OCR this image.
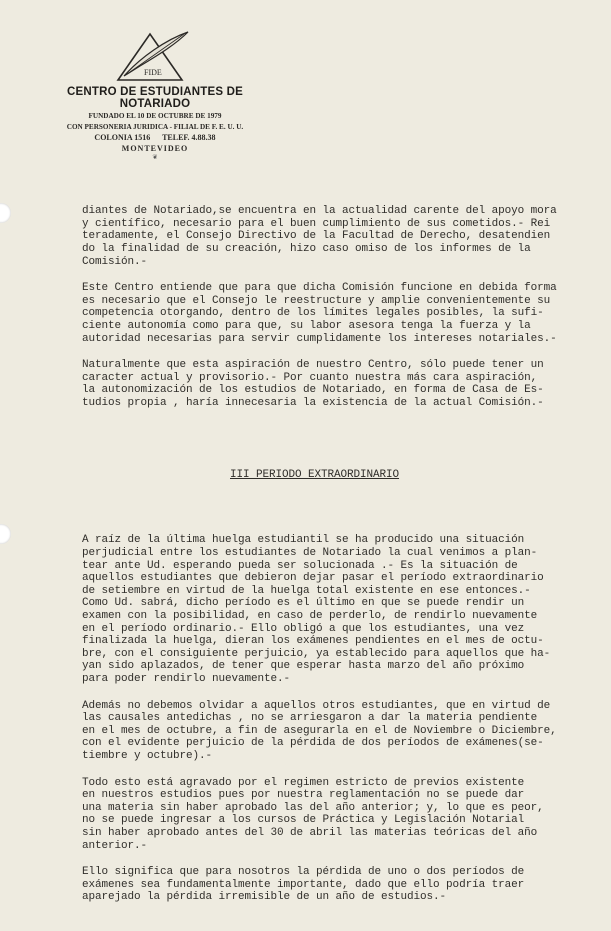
FIDE
CENTRO DE ESTUDIANTES DE NOTARIADO
FUNDADO EL 10 DE OCTUBRE DE 1979
CON PERSONERIA JURIDICA - FILIAL DE F. E. U. U.
COLONIA 1516      TELEF. 4.88.38
MONTEVIDEO
❦

diantes de Notariado,se encuentra en la actualidad carente del apoyo mora
y científico, necesario para el buen cumplimiento de sus cometidos.- Rei
teradamente, el Consejo Directivo de la Facultad de Derecho, desatendien
do la finalidad de su creación, hizo caso omiso de los informes de la
Comisión.-
Este Centro entiende que para que dicha Comisión funcione en debida forma
es necesario que el Consejo le reestructure y amplie convenientemente su
competencia otorgando, dentro de los límites legales posibles, la sufi-
ciente autonomía como para que, su labor asesora tenga la fuerza y la
autoridad necesarias para servir cumplidamente los intereses notariales.-
Naturalmente que esta aspiración de nuestro Centro, sólo puede tener un
caracter actual y provisorio.- Por cuanto nuestra más cara aspiración,
la autonomización de los estudios de Notariado, en forma de Casa de Es-
tudios propia , haría innecesaria la existencia de la actual Comisión.-

III PERIODO EXTRAORDINARIO

A raíz de la última huelga estudiantil se ha producido una situación
perjudicial entre los estudiantes de Notariado la cual venimos a plan-
tear ante Ud. esperando pueda ser solucionada .- Es la situación de
aquellos estudiantes que debieron dejar pasar el período extraordinario
de setiembre en virtud de la huelga total existente en ese entonces.-
Como Ud. sabrá, dicho período es el último en que se puede rendir un
examen con la posibilidad, en caso de perderlo, de rendirlo nuevamente
en el período ordinario.- Ello obligó a que los estudiantes, una vez
finalizada la huelga, dieran los exámenes pendientes en el mes de octu-
bre, con el consiguiente perjuicio, ya establecido para aquellos que ha-
yan sido aplazados, de tener que esperar hasta marzo del año próximo
para poder rendirlo nuevamente.-
Además no debemos olvidar a aquellos otros estudiantes, que en virtud de
las causales antedichas , no se arriesgaron a dar la materia pendiente
en el mes de octubre, a fin de asegurarla en el de Noviembre o Diciembre,
con el evidente perjuicio de la pérdida de dos períodos de exámenes(se-
tiembre y octubre).-
Todo esto está agravado por el regimen estricto de previos existente
en nuestros estudios pues por nuestra reglamentación no se puede dar
una materia sin haber aprobado las del año anterior; y, lo que es peor,
no se puede ingresar a los cursos de Práctica y Legislación Notarial
sin haber aprobado antes del 30 de abril las materias teóricas del año
anterior.-
Ello significa que para nosotros la pérdida de uno o dos períodos de
exámenes sea fundamentalmente importante, dado que ello podría traer
aparejado la pérdida irremisible de un año de estudios.-
